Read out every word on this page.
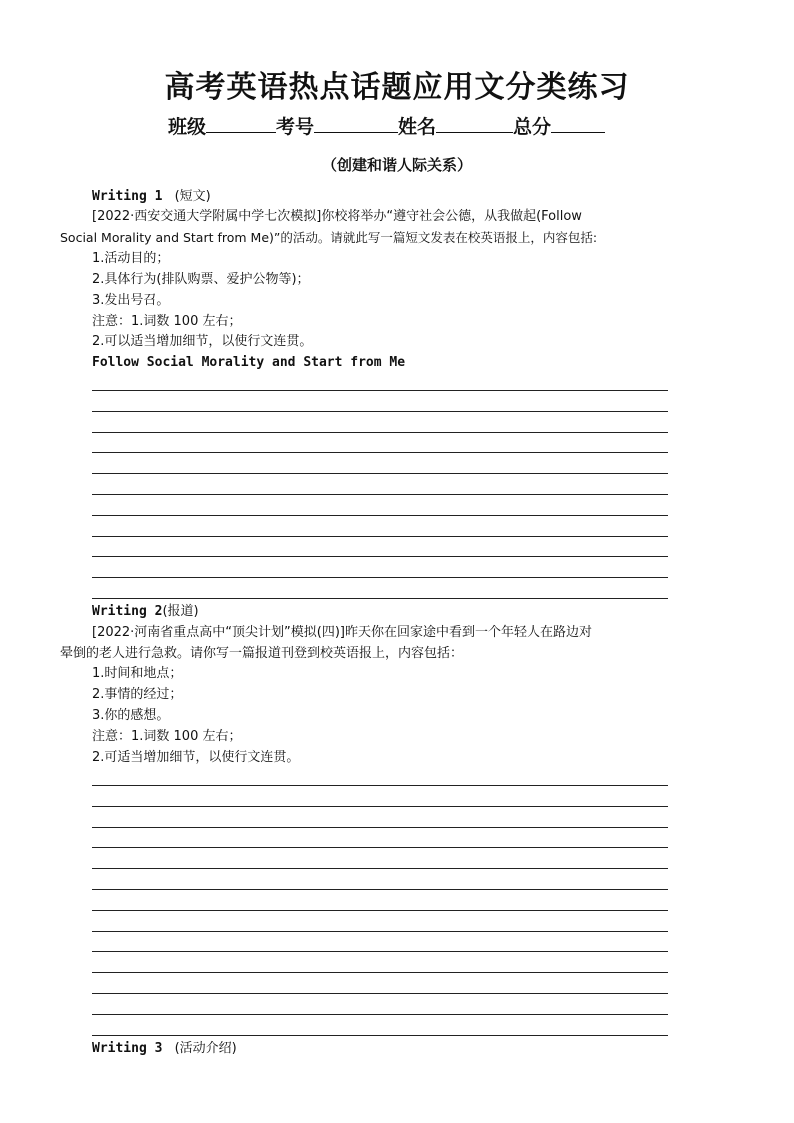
高考英语热点话题应用文分类练习
班级	考号	姓名	总分
（创建和谐人际关系）
Writing 1 (短文)
[2022·西安交通大学附属中学七次模拟]你校将举办“遵守社会公德，从我做起(Follow
Social Morality and Start from Me)”的活动。请就此写一篇短文发表在校英语报上，内容包括:
1.活动目的；
2.具体行为(排队购票、爱护公物等)；
3.发出号召。
注意：1.词数 100 左右；
2.可以适当增加细节，以使行文连贯。
Follow Social Morality and Start from Me
Writing 2(报道)
[2022·河南省重点高中“顶尖计划”模拟(四)]昨天你在回家途中看到一个年轻人在路边对
晕倒的老人进行急救。请你写一篇报道刊登到校英语报上，内容包括：
1.时间和地点；
2.事情的经过；
3.你的感想。
注意：1.词数 100 左右；
2.可适当增加细节，以使行文连贯。
Writing 3 (活动介绍)
